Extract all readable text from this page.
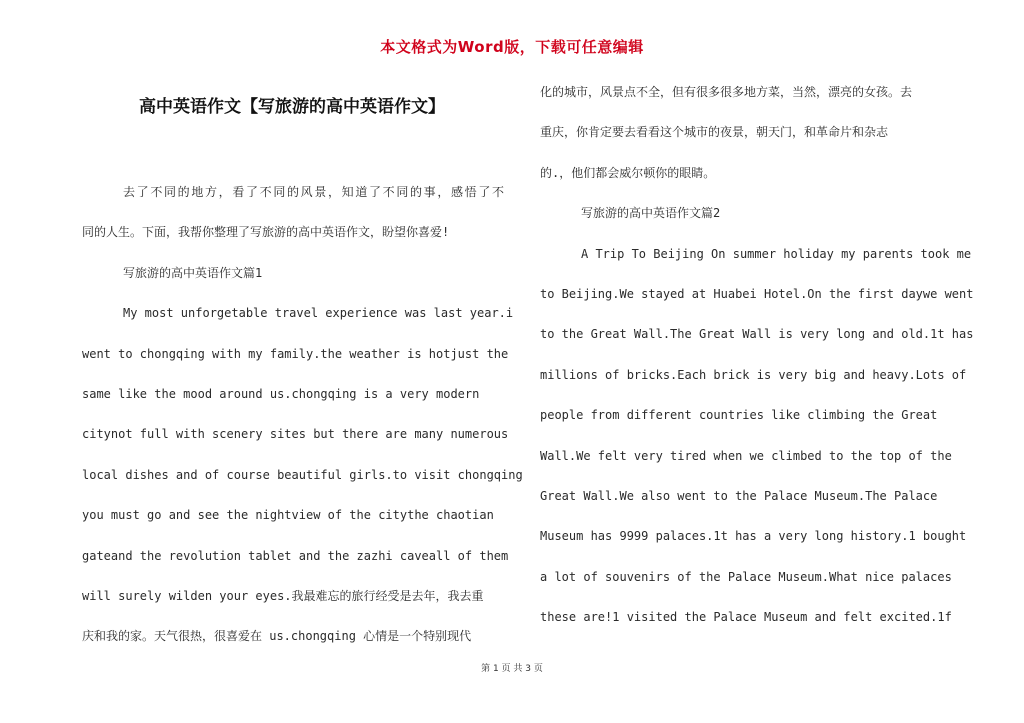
本文格式为Word版，下载可任意编辑
高中英语作文【写旅游的高中英语作文】
去了不同的地方，看了不同的风景，知道了不同的事，感悟了不
同的人生。下面，我帮你整理了写旅游的高中英语作文，盼望你喜爱!
写旅游的高中英语作文篇1
My most unforgetable travel experience was last year.i
went to chongqing with my family.the weather is hotjust the
same like the mood around us.chongqing is a very modern
citynot full with scenery sites but there are many numerous
local dishes and of course beautiful girls.to visit chongqing
you must go and see the nightview of the citythe chaotian
gateand the revolution tablet and the zazhi caveall of them
will surely wilden your eyes.我最难忘的旅行经受是去年，我去重
庆和我的家。天气很热，很喜爱在 us.chongqing 心情是一个特别现代
化的城市，风景点不全，但有很多很多地方菜，当然，漂亮的女孩。去
重庆，你肯定要去看看这个城市的夜景，朝天门，和革命片和杂志
的.，他们都会威尔顿你的眼睛。
写旅游的高中英语作文篇2
A Trip To Beijing On summer holiday my parents took me
to Beijing.We stayed at Huabei Hotel.On the first daywe went
to the Great Wall.The Great Wall is very long and old.1t has
millions of bricks.Each brick is very big and heavy.Lots of
people from different countries like climbing the Great
Wall.We felt very tired when we climbed to the top of the
Great Wall.We also went to the Palace Museum.The Palace
Museum has 9999 palaces.1t has a very long history.1 bought
a lot of souvenirs of the Palace Museum.What nice palaces
these are!1 visited the Palace Museum and felt excited.1f
第 1 页 共 3 页
